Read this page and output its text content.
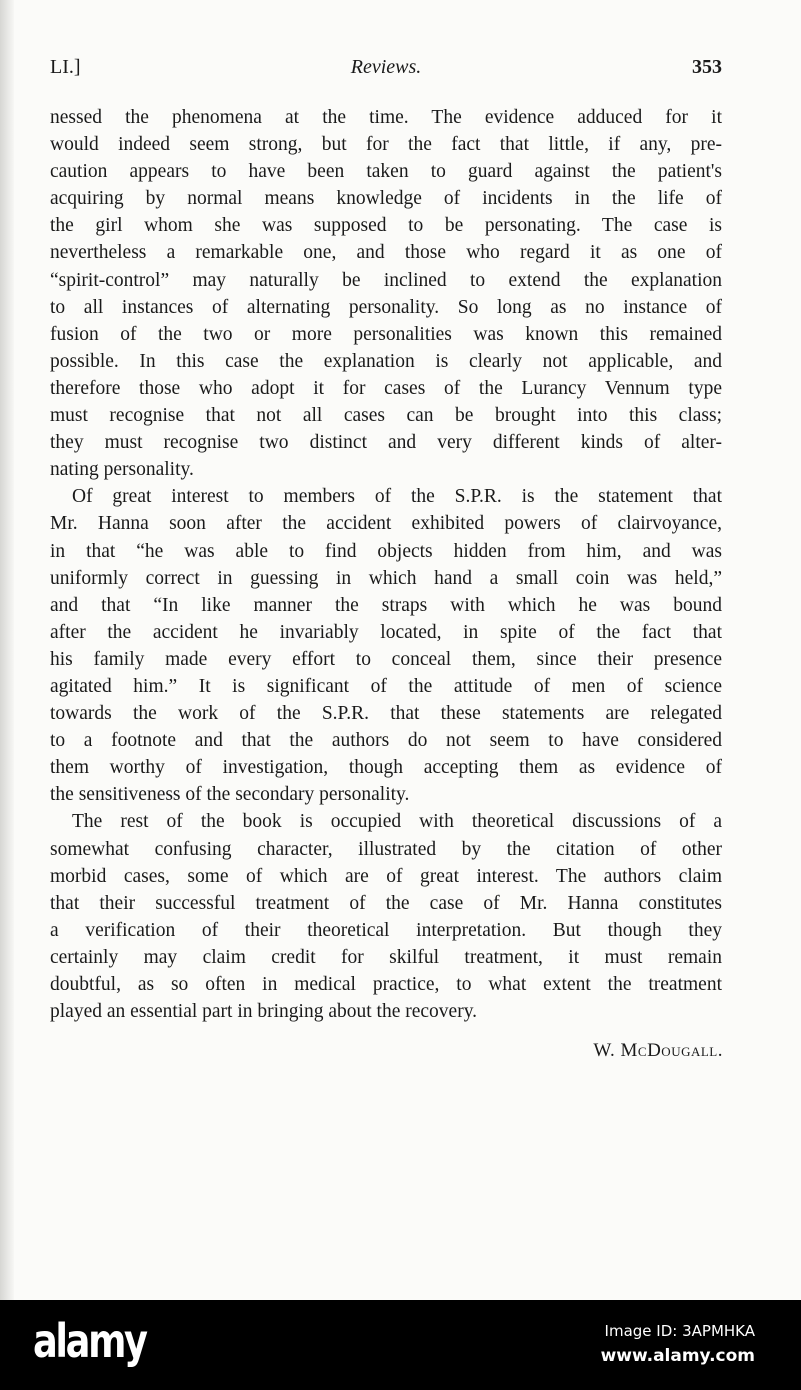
LI.]	Reviews.	353
nessed the phenomena at the time. The evidence adduced for it
would indeed seem strong, but for the fact that little, if any, pre-
caution appears to have been taken to guard against the patient's
acquiring by normal means knowledge of incidents in the life of
the girl whom she was supposed to be personating. The case is
nevertheless a remarkable one, and those who regard it as one of
“spirit-control” may naturally be inclined to extend the explanation
to all instances of alternating personality. So long as no instance of
fusion of the two or more personalities was known this remained
possible. In this case the explanation is clearly not applicable, and
therefore those who adopt it for cases of the Lurancy Vennum type
must recognise that not all cases can be brought into this class;
they must recognise two distinct and very different kinds of alter-
nating personality.
Of great interest to members of the S.P.R. is the statement that
Mr. Hanna soon after the accident exhibited powers of clairvoyance,
in that “he was able to find objects hidden from him, and was
uniformly correct in guessing in which hand a small coin was held,”
and that “In like manner the straps with which he was bound
after the accident he invariably located, in spite of the fact that
his family made every effort to conceal them, since their presence
agitated him.” It is significant of the attitude of men of science
towards the work of the S.P.R. that these statements are relegated
to a footnote and that the authors do not seem to have considered
them worthy of investigation, though accepting them as evidence of
the sensitiveness of the secondary personality.
The rest of the book is occupied with theoretical discussions of a
somewhat confusing character, illustrated by the citation of other
morbid cases, some of which are of great interest. The authors claim
that their successful treatment of the case of Mr. Hanna constitutes
a verification of their theoretical interpretation. But though they
certainly may claim credit for skilful treatment, it must remain
doubtful, as so often in medical practice, to what extent the treatment
played an essential part in bringing about the recovery.
W. McDougall.
alamy	Image ID: 3APMHKA
www.alamy.com
